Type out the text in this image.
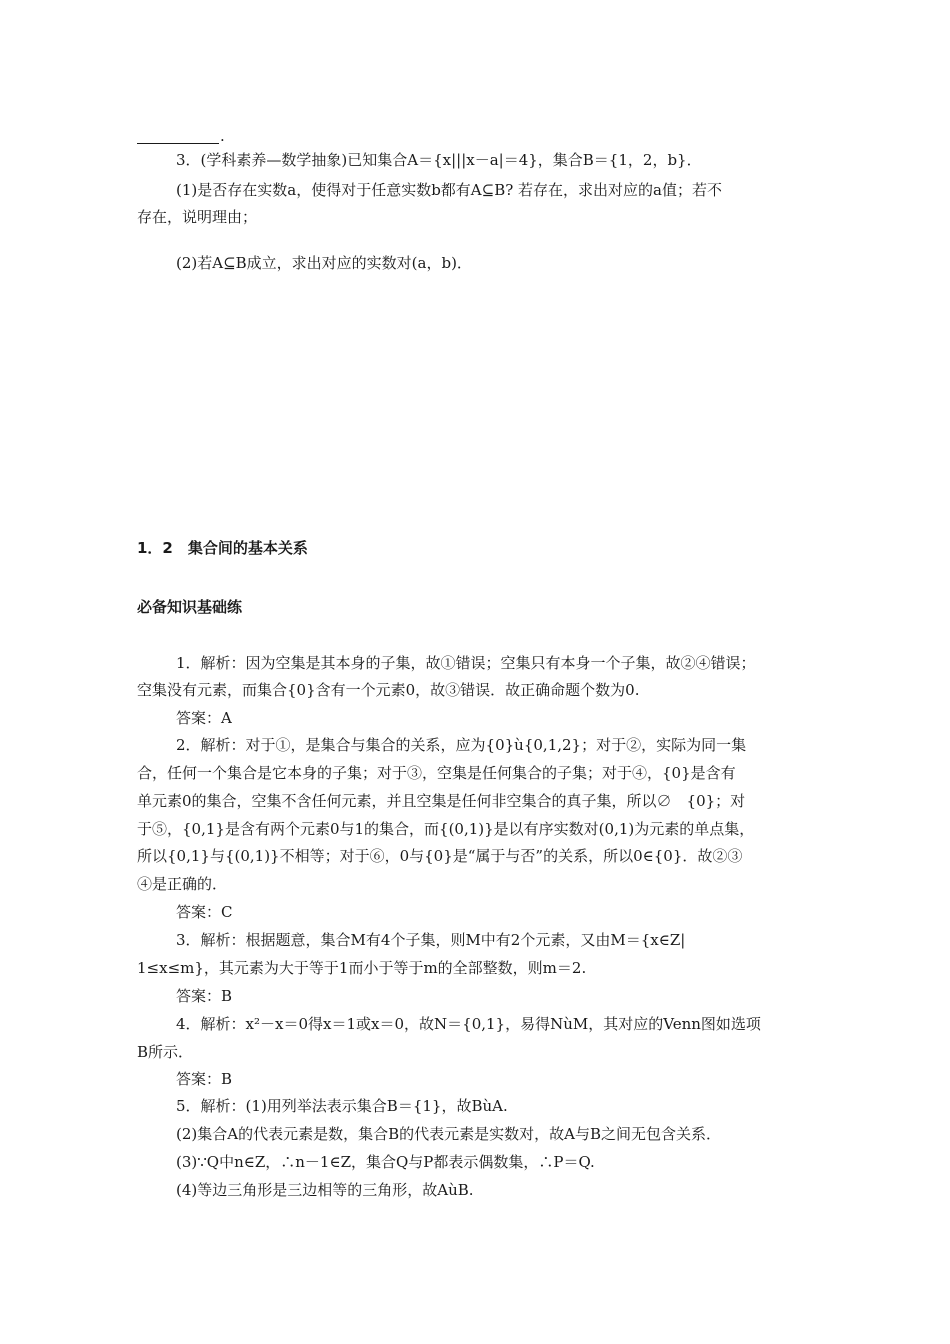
.
3．(学科素养—数学抽象)已知集合A＝{x|||x－a|＝4}，集合B＝{1，2，b}．
(1)是否存在实数a，使得对于任意实数b都有A⊆B? 若存在，求出对应的a值；若不
存在，说明理由；
(2)若A⊆B成立，求出对应的实数对(a，b)．
1．2　集合间的基本关系
必备知识基础练
1．解析：因为空集是其本身的子集，故①错误；空集只有本身一个子集，故②④错误；
空集没有元素，而集合{0}含有一个元素0，故③错误．故正确命题个数为0.
答案：A
2．解析：对于①，是集合与集合的关系，应为{0}ù{0,1,2}；对于②，实际为同一集
合，任何一个集合是它本身的子集；对于③，空集是任何集合的子集；对于④，{0}是含有
单元素0的集合，空集不含任何元素，并且空集是任何非空集合的真子集，所以∅　{0}；对
于⑤，{0,1}是含有两个元素0与1的集合，而{(0,1)}是以有序实数对(0,1)为元素的单点集，
所以{0,1}与{(0,1)}不相等；对于⑥，0与{0}是“属于与否”的关系，所以0∈{0}．故②③
④是正确的．
答案：C
3．解析：根据题意，集合M有4个子集，则M中有2个元素，又由M＝{x∈Z|
1≤x≤m}，其元素为大于等于1而小于等于m的全部整数，则m＝2.
答案：B
4．解析：x²－x＝0得x＝1或x＝0，故N＝{0,1}，易得NùM，其对应的Venn图如选项
B所示．
答案：B
5．解析：(1)用列举法表示集合B＝{1}，故BùA.
(2)集合A的代表元素是数，集合B的代表元素是实数对，故A与B之间无包含关系．
(3)∵Q中n∈Z，∴n－1∈Z，集合Q与P都表示偶数集，∴P＝Q.
(4)等边三角形是三边相等的三角形，故AùB.
